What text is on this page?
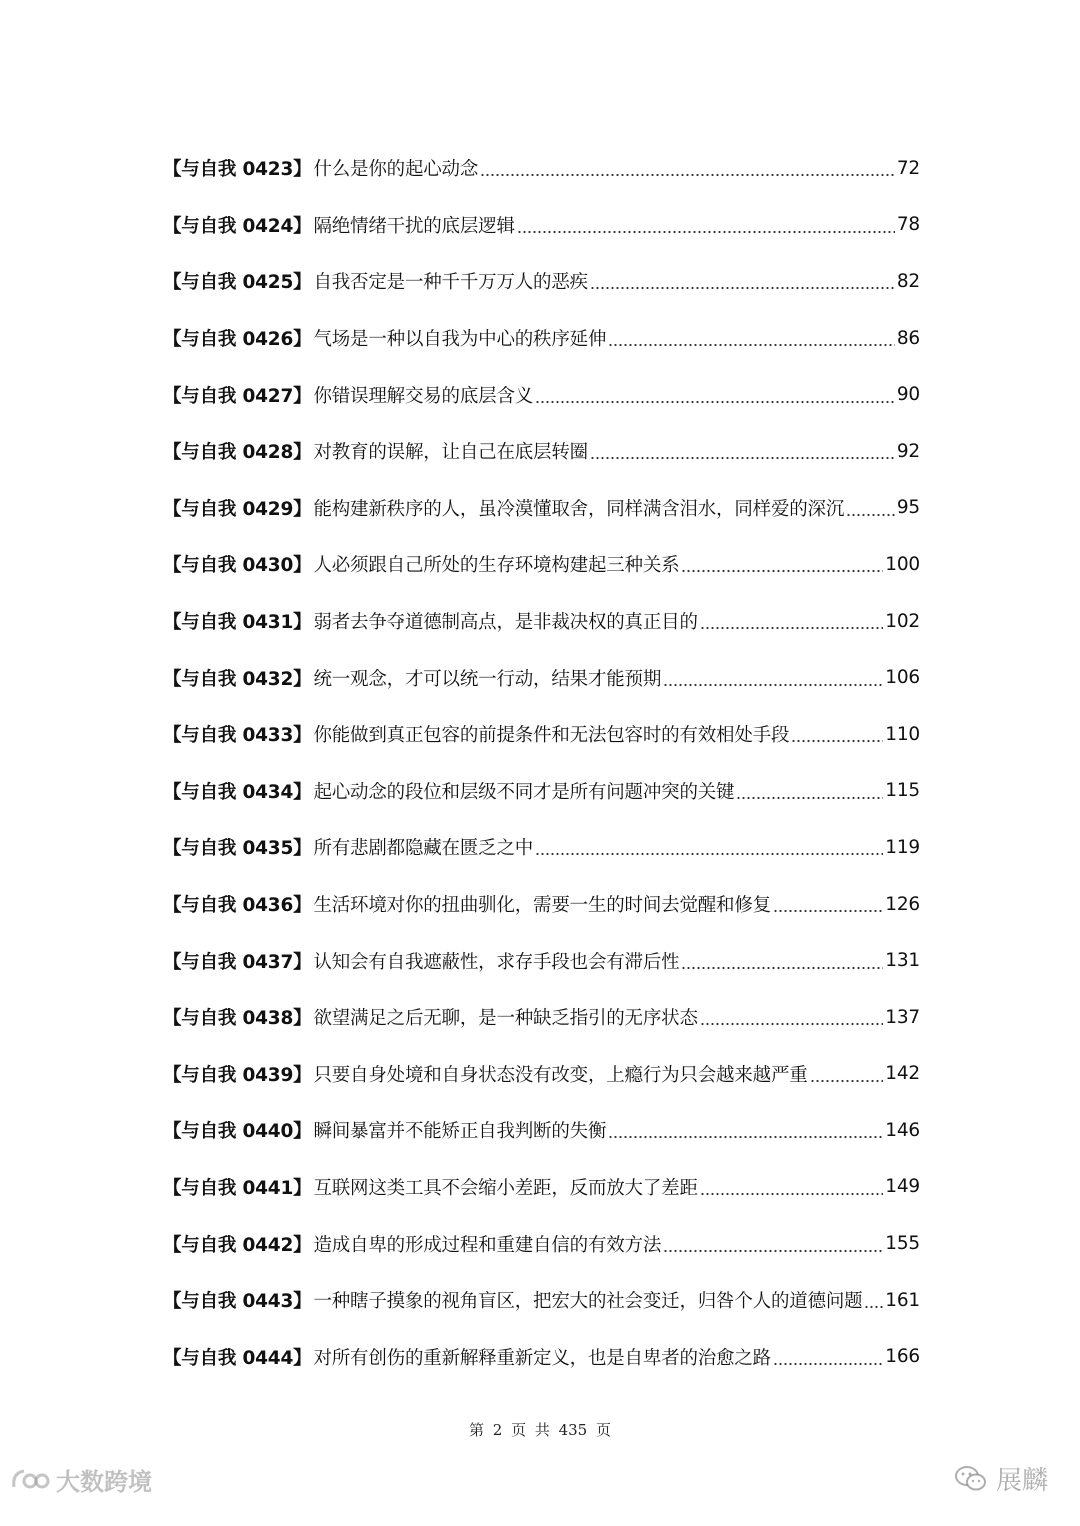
【与自我 0423】 什么是你的起心动念	72
【与自我 0424】 隔绝情绪干扰的底层逻辑	78
【与自我 0425】 自我否定是一种千千万万人的恶疾	82
【与自我 0426】 气场是一种以自我为中心的秩序延伸	86
【与自我 0427】 你错误理解交易的底层含义	90
【与自我 0428】 对教育的误解，让自己在底层转圈	92
【与自我 0429】 能构建新秩序的人，虽冷漠懂取舍，同样满含泪水，同样爱的深沉	95
【与自我 0430】 人必须跟自己所处的生存环境构建起三种关系	100
【与自我 0431】 弱者去争夺道德制高点，是非裁决权的真正目的	102
【与自我 0432】 统一观念，才可以统一行动，结果才能预期	106
【与自我 0433】 你能做到真正包容的前提条件和无法包容时的有效相处手段	110
【与自我 0434】 起心动念的段位和层级不同才是所有问题冲突的关键	115
【与自我 0435】 所有悲剧都隐藏在匮乏之中	119
【与自我 0436】 生活环境对你的扭曲驯化，需要一生的时间去觉醒和修复	126
【与自我 0437】 认知会有自我遮蔽性，求存手段也会有滞后性	131
【与自我 0438】 欲望满足之后无聊，是一种缺乏指引的无序状态	137
【与自我 0439】 只要自身处境和自身状态没有改变，上瘾行为只会越来越严重	142
【与自我 0440】 瞬间暴富并不能矫正自我判断的失衡	146
【与自我 0441】 互联网这类工具不会缩小差距，反而放大了差距	149
【与自我 0442】 造成自卑的形成过程和重建自信的有效方法	155
【与自我 0443】 一种瞎子摸象的视角盲区，把宏大的社会变迁，归咎个人的道德问题 161
【与自我 0444】 对所有创伤的重新解释重新定义，也是自卑者的治愈之路	166
第 2 页 共 435 页
大数跨境	展麟
